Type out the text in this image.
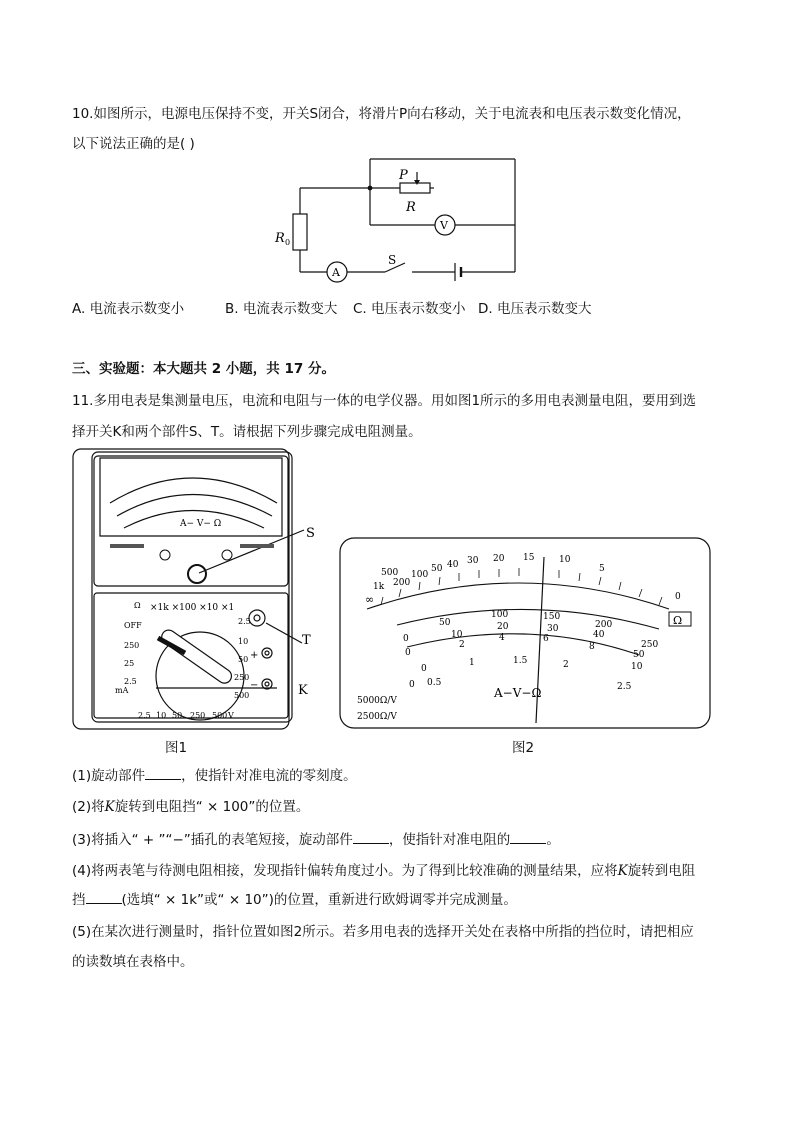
10.如图所示，电源电压保持不变，开关S闭合，将滑片P向右移动，关于电流表和电压表示数变化情况，
以下说法正确的是( )
P
R
R 0
V
A
S
A. 电流表示数变小	B. 电流表示数变大 C. 电压表示数变小 D. 电压表示数变大
三、实验题：本大题共 2 小题，共 17 分。
11.多用电表是集测量电压，电流和电阻与一体的电学仪器。用如图1所示的多用电表测量电阻，要用到选
择开关K和两个部件S、T。请根据下列步骤完成电阻测量。
A− V− Ω
×1k ×100 ×10 ×1
OFF
Ω
250
25
2.5
mA
2.5
10
50
250
500
2.5 10 50 250 500 V
+
−
S
T
K
图1
Ω
∞
1k
500
200
100
50 40 30 20 15	10
5
0
0
50
100	150
200
250
0
10
20	30
40
50
0
2
4	6
8
10
0 0.5
1	1.5	2
2.5
A−V−Ω
5000Ω/V
2500Ω/V
图2
(1)旋动部件	，使指针对准电流的零刻度。
(2)将K旋转到电阻挡“ × 100”的位置。
(3)将插入“ + ”“−”插孔的表笔短接，旋动部件	，使指针对准电阻的	。
(4)将两表笔与待测电阻相接，发现指针偏转角度过小。为了得到比较准确的测量结果，应将K旋转到电阻
挡	(选填“ × 1k”或“ × 10”)的位置，重新进行欧姆调零并完成测量。
(5)在某次进行测量时，指针位置如图2所示。若多用电表的选择开关处在表格中所指的挡位时，请把相应
的读数填在表格中。
